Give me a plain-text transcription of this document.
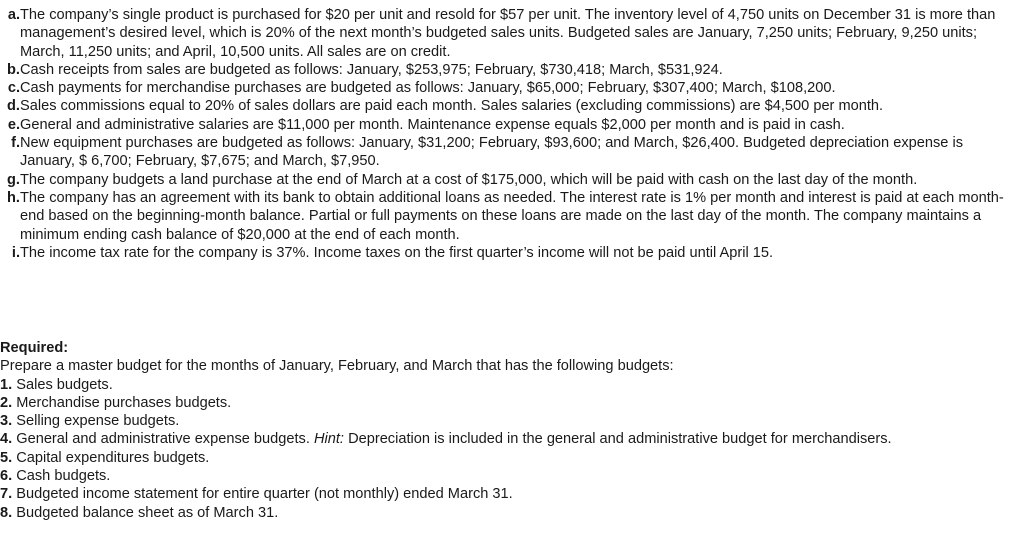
a. The company’s single product is purchased for $20 per unit and resold for $57 per unit. The inventory level of 4,750 units on December 31 is more than management’s desired level, which is 20% of the next month’s budgeted sales units. Budgeted sales are January, 7,250 units; February, 9,250 units; March, 11,250 units; and April, 10,500 units. All sales are on credit.
b. Cash receipts from sales are budgeted as follows: January, $253,975; February, $730,418; March, $531,924.
c. Cash payments for merchandise purchases are budgeted as follows: January, $65,000; February, $307,400; March, $108,200.
d. Sales commissions equal to 20% of sales dollars are paid each month. Sales salaries (excluding commissions) are $4,500 per month.
e. General and administrative salaries are $11,000 per month. Maintenance expense equals $2,000 per month and is paid in cash.
f. New equipment purchases are budgeted as follows: January, $31,200; February, $93,600; and March, $26,400. Budgeted depreciation expense is January, $ 6,700; February, $7,675; and March, $7,950.
g. The company budgets a land purchase at the end of March at a cost of $175,000, which will be paid with cash on the last day of the month.
h. The company has an agreement with its bank to obtain additional loans as needed. The interest rate is 1% per month and interest is paid at each month-end based on the beginning-month balance. Partial or full payments on these loans are made on the last day of the month. The company maintains a minimum ending cash balance of $20,000 at the end of each month.
i. The income tax rate for the company is 37%. Income taxes on the first quarter’s income will not be paid until April 15.
Required:
Prepare a master budget for the months of January, February, and March that has the following budgets:
1. Sales budgets.
2. Merchandise purchases budgets.
3. Selling expense budgets.
4. General and administrative expense budgets. Hint: Depreciation is included in the general and administrative budget for merchandisers.
5. Capital expenditures budgets.
6. Cash budgets.
7. Budgeted income statement for entire quarter (not monthly) ended March 31.
8. Budgeted balance sheet as of March 31.
